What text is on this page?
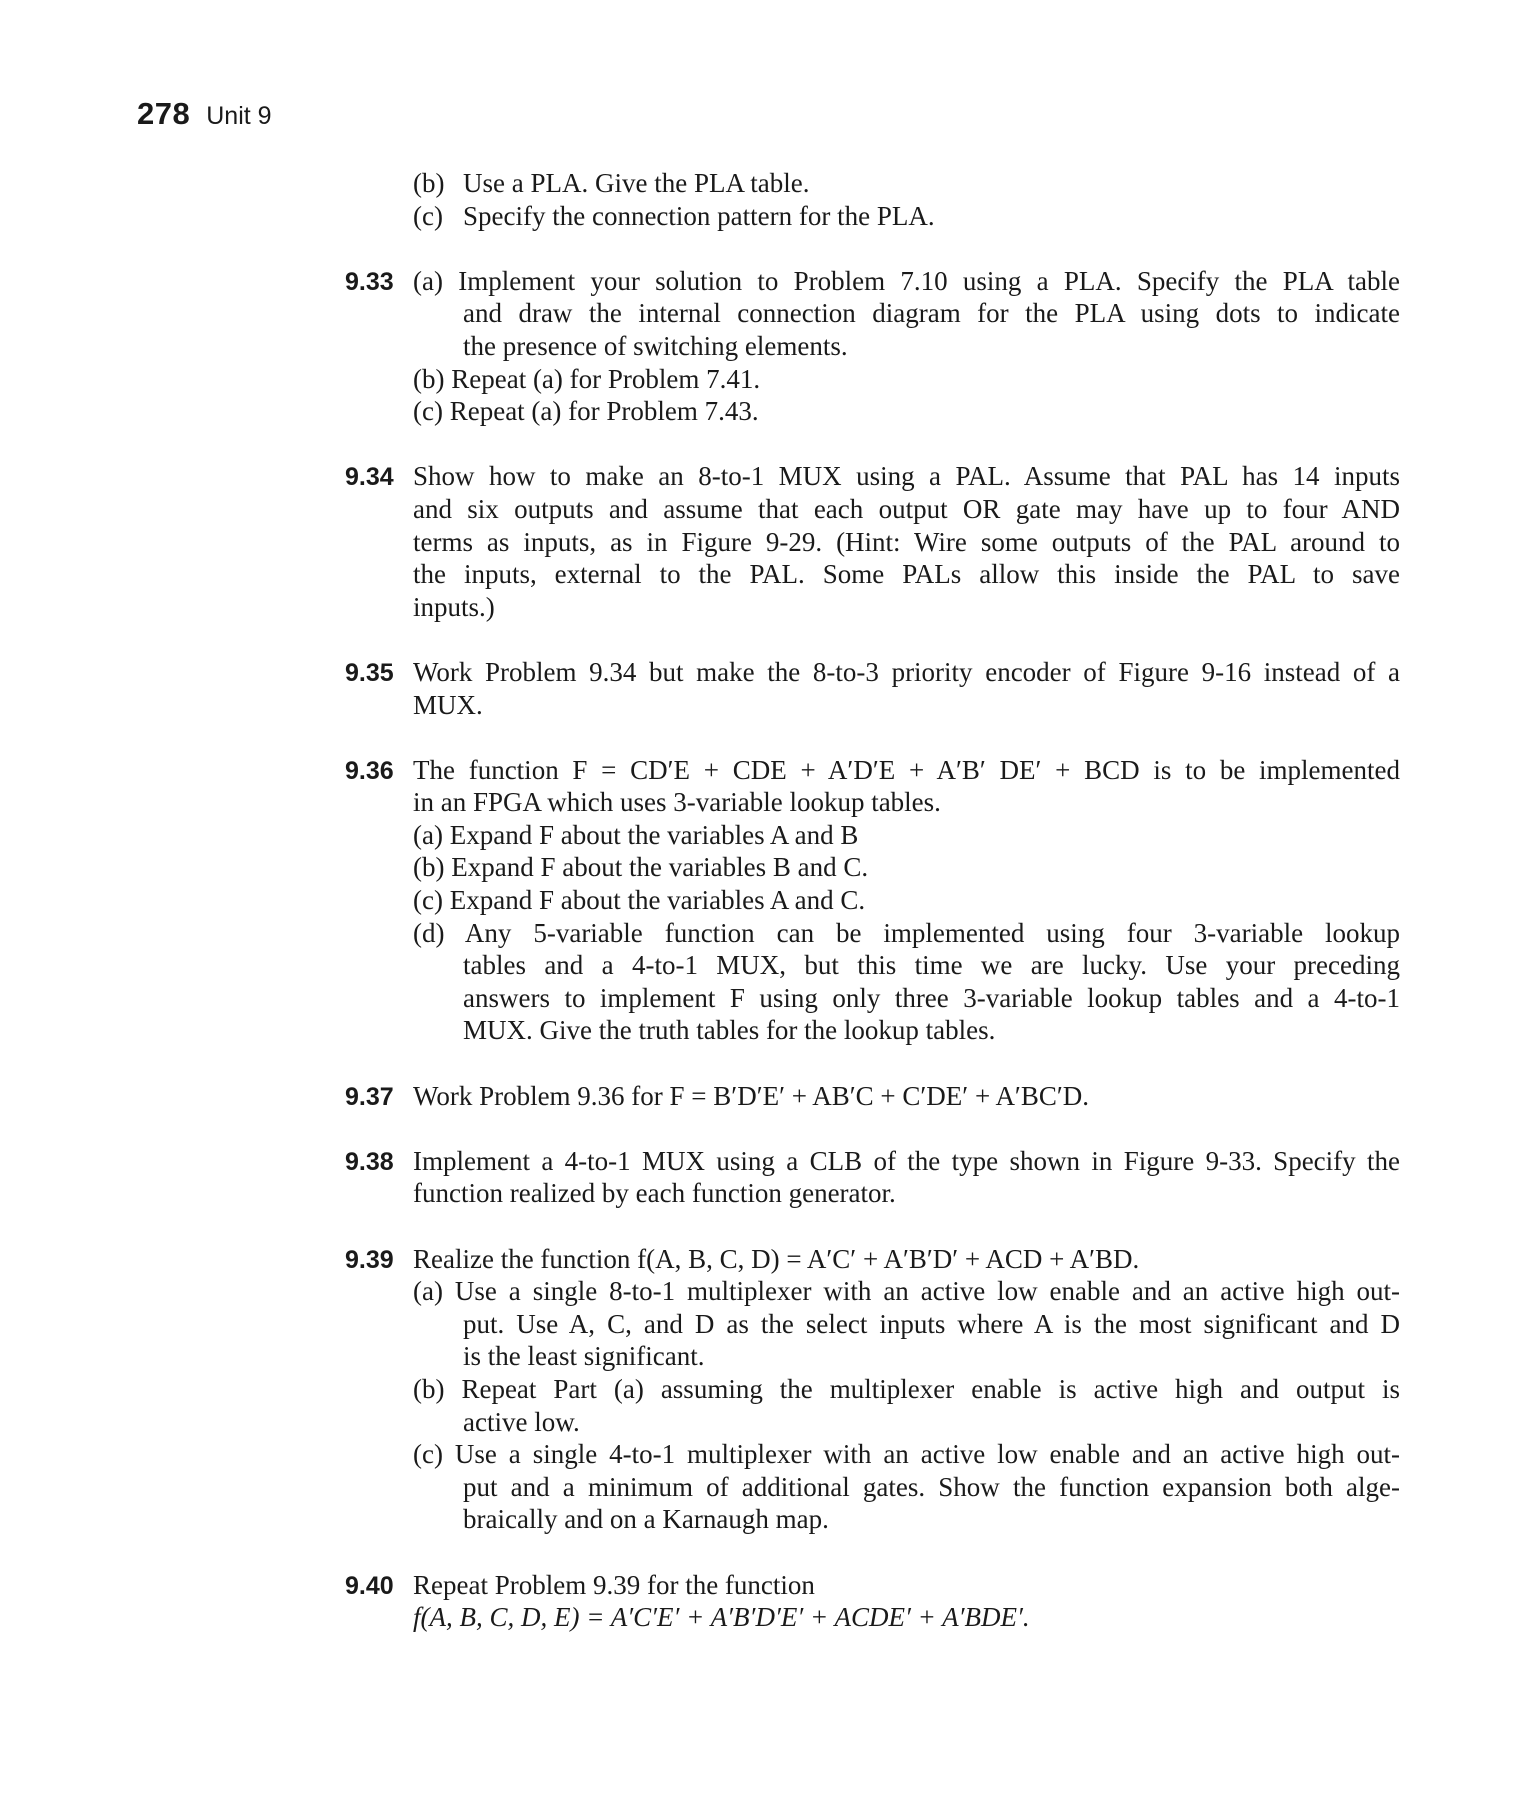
278 Unit 9
(b) Use a PLA. Give the PLA table.
(c) Specify the connection pattern for the PLA.
9.33 (a) Implement your solution to Problem 7.10 using a PLA. Specify the PLA table
and draw the internal connection diagram for the PLA using dots to indicate
the presence of switching elements.
(b) Repeat (a) for Problem 7.41.
(c) Repeat (a) for Problem 7.43.
9.34 Show how to make an 8-to-1 MUX using a PAL. Assume that PAL has 14 inputs
and six outputs and assume that each output OR gate may have up to four AND
terms as inputs, as in Figure 9-29. (Hint: Wire some outputs of the PAL around to
the inputs, external to the PAL. Some PALs allow this inside the PAL to save
inputs.)
9.35 Work Problem 9.34 but make the 8-to-3 priority encoder of Figure 9-16 instead of a
MUX.
9.36 The function F = CD′E + CDE + A′D′E + A′B′ DE′ + BCD is to be implemented
in an FPGA which uses 3-variable lookup tables.
(a) Expand F about the variables A and B
(b) Expand F about the variables B and C.
(c) Expand F about the variables A and C.
(d) Any 5-variable function can be implemented using four 3-variable lookup
tables and a 4-to-1 MUX, but this time we are lucky. Use your preceding
answers to implement F using only three 3-variable lookup tables and a 4-to-1
MUX. Give the truth tables for the lookup tables.
9.37 Work Problem 9.36 for F = B′D′E′ + AB′C + C′DE′ + A′BC′D.
9.38 Implement a 4-to-1 MUX using a CLB of the type shown in Figure 9-33. Specify the
function realized by each function generator.
9.39 Realize the function f(A, B, C, D) = A′C′ + A′B′D′ + ACD + A′BD.
(a) Use a single 8-to-1 multiplexer with an active low enable and an active high out-
put. Use A, C, and D as the select inputs where A is the most significant and D
is the least significant.
(b) Repeat Part (a) assuming the multiplexer enable is active high and output is
active low.
(c) Use a single 4-to-1 multiplexer with an active low enable and an active high out-
put and a minimum of additional gates. Show the function expansion both alge-
braically and on a Karnaugh map.
9.40 Repeat Problem 9.39 for the function
f(A, B, C, D, E) = A′C′E′ + A′B′D′E′ + ACDE′ + A′BDE′.
